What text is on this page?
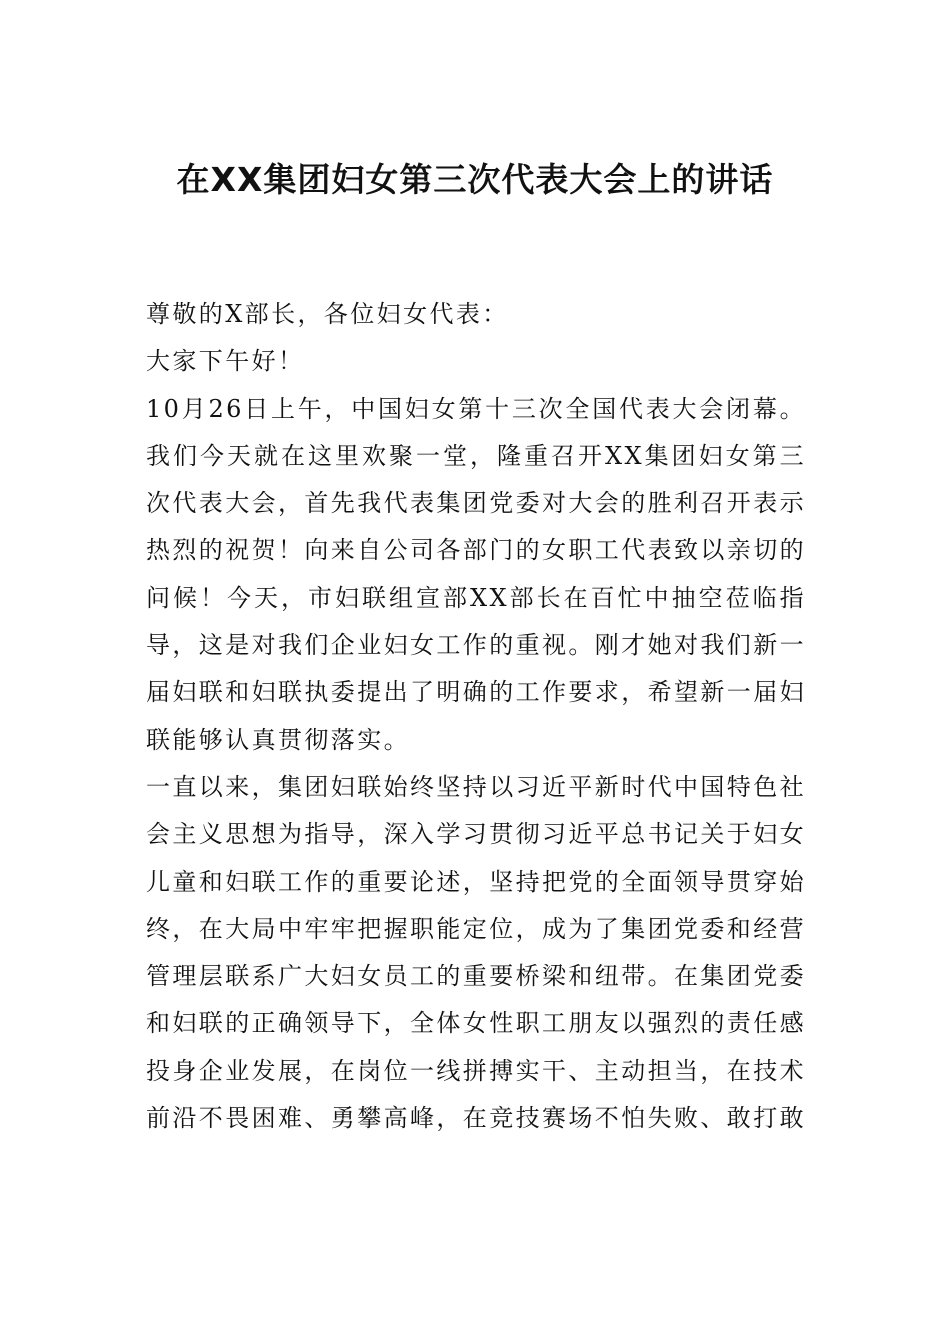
在XX集团妇女第三次代表大会上的讲话

尊敬的X部长，各位妇女代表：

大家下午好！

10月26日上午，中国妇女第十三次全国代表大会闭幕。我们今天就在这里欢聚一堂，隆重召开XX集团妇女第三次代表大会，首先我代表集团党委对大会的胜利召开表示热烈的祝贺！向来自公司各部门的女职工代表致以亲切的问候！今天，市妇联组宣部XX部长在百忙中抽空莅临指导，这是对我们企业妇女工作的重视。刚才她对我们新一届妇联和妇联执委提出了明确的工作要求，希望新一届妇联能够认真贯彻落实。

一直以来，集团妇联始终坚持以习近平新时代中国特色社会主义思想为指导，深入学习贯彻习近平总书记关于妇女儿童和妇联工作的重要论述，坚持把党的全面领导贯穿始终，在大局中牢牢把握职能定位，成为了集团党委和经营管理层联系广大妇女员工的重要桥梁和纽带。在集团党委和妇联的正确领导下，全体女性职工朋友以强烈的责任感投身企业发展，在岗位一线拼搏实干、主动担当，在技术前沿不畏困难、勇攀高峰，在竞技赛场不怕失败、敢打敢
